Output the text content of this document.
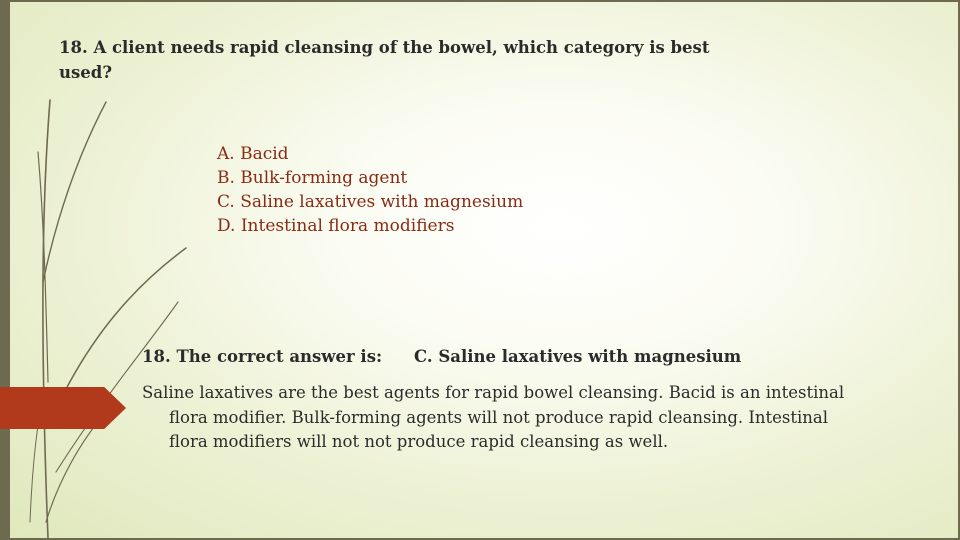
18. A client needs rapid cleansing of the bowel, which category is best used?

A. Bacid
B. Bulk-forming agent
C. Saline laxatives with magnesium
D. Intestinal flora modifiers
18. The correct answer is: C. Saline laxatives with magnesium

Saline laxatives are the best agents for rapid bowel cleansing. Bacid is an intestinal flora modifier. Bulk-forming agents will not produce rapid cleansing. Intestinal flora modifiers will not not produce rapid cleansing as well.
